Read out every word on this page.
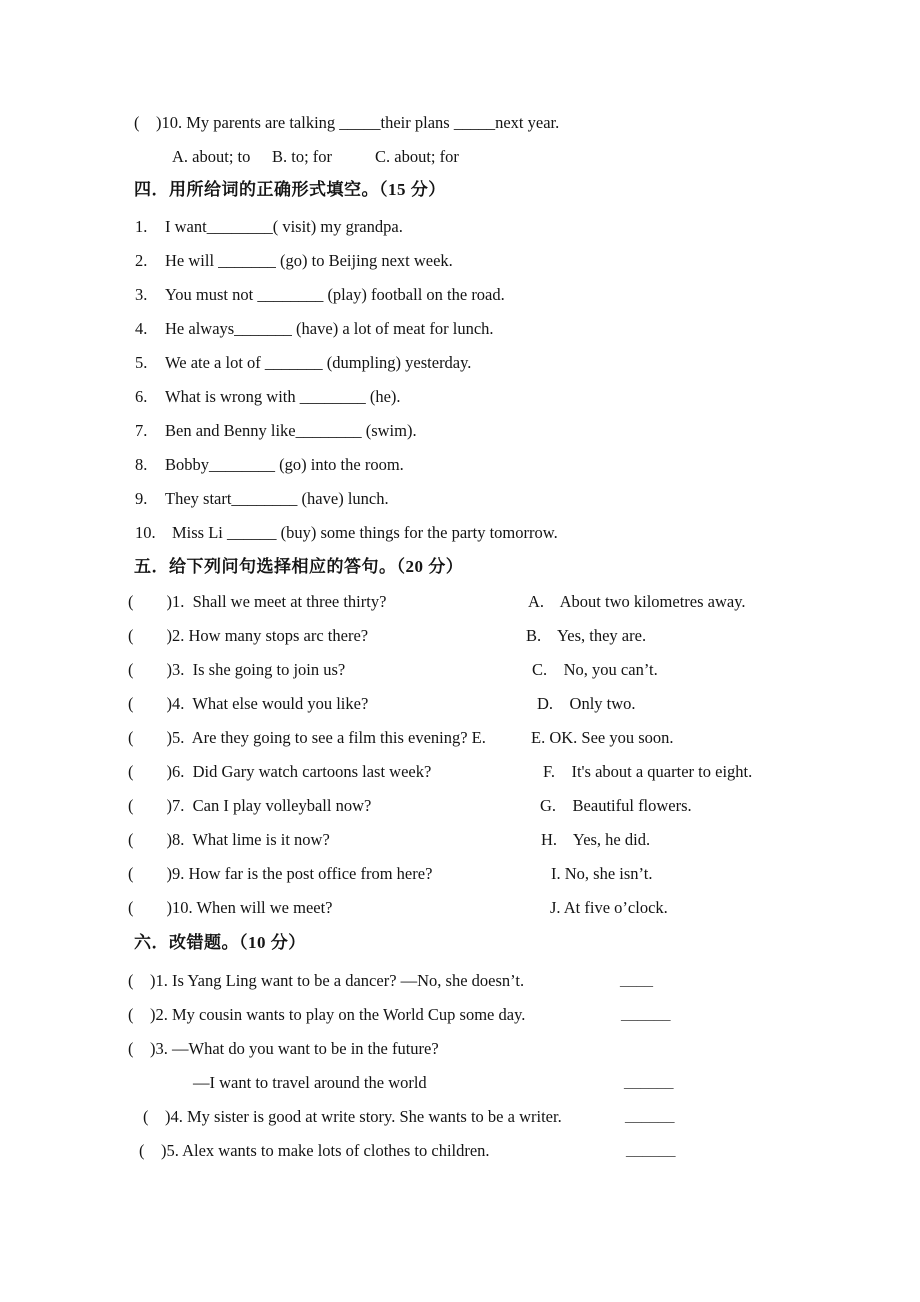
(    )10. My parents are talking _____their plans _____next year.
A. about; to B. to; for	C. about; for
四．用所给词的正确形式填空。（15 分）
1. I want________( visit) my grandpa.
2. He will _______ (go) to Beijing next week.
3. You must not ________ (play) football on the road.
4. He always_______ (have) a lot of meat for lunch.
5. We ate a lot of _______ (dumpling) yesterday.
6. What is wrong with ________ (he).
7. Ben and Benny like________ (swim).
8. Bobby________ (go) into the room.
9. They start________ (have) lunch.
10. Miss Li ______ (buy) some things for the party tomorrow.
五．给下列问句选择相应的答句。（20 分）
(        )1.  Shall we meet at three thirty?	A.    About two kilometres away.
(        )2. How many stops arc there?	B.    Yes, they are.
(        )3.  Is she going to join us?	C.    No, you can’t.
(        )4.  What else would you like?	D.    Only two.
(        )5.  Are they going to see a film this evening? E.	E. OK. See you soon.
(        )6.  Did Gary watch cartoons last week?	F.    It's about a quarter to eight.
(        )7.  Can I play volleyball now?	G.    Beautiful flowers.
(        )8.  What lime is it now?	H.    Yes, he did.
(        )9. How far is the post office from here?	I. No, she isn’t.
(        )10. When will we meet?	J. At five o’clock.
六．改错题。（10 分）
(    )1. Is Yang Ling want to be a dancer? —No, she doesn’t.	____
(    )2. My cousin wants to play on the World Cup some day.	______
(    )3. —What do you want to be in the future?
—I want to travel around the world	______
(    )4. My sister is good at write story. She wants to be a writer.	______
(    )5. Alex wants to make lots of clothes to children.	______
